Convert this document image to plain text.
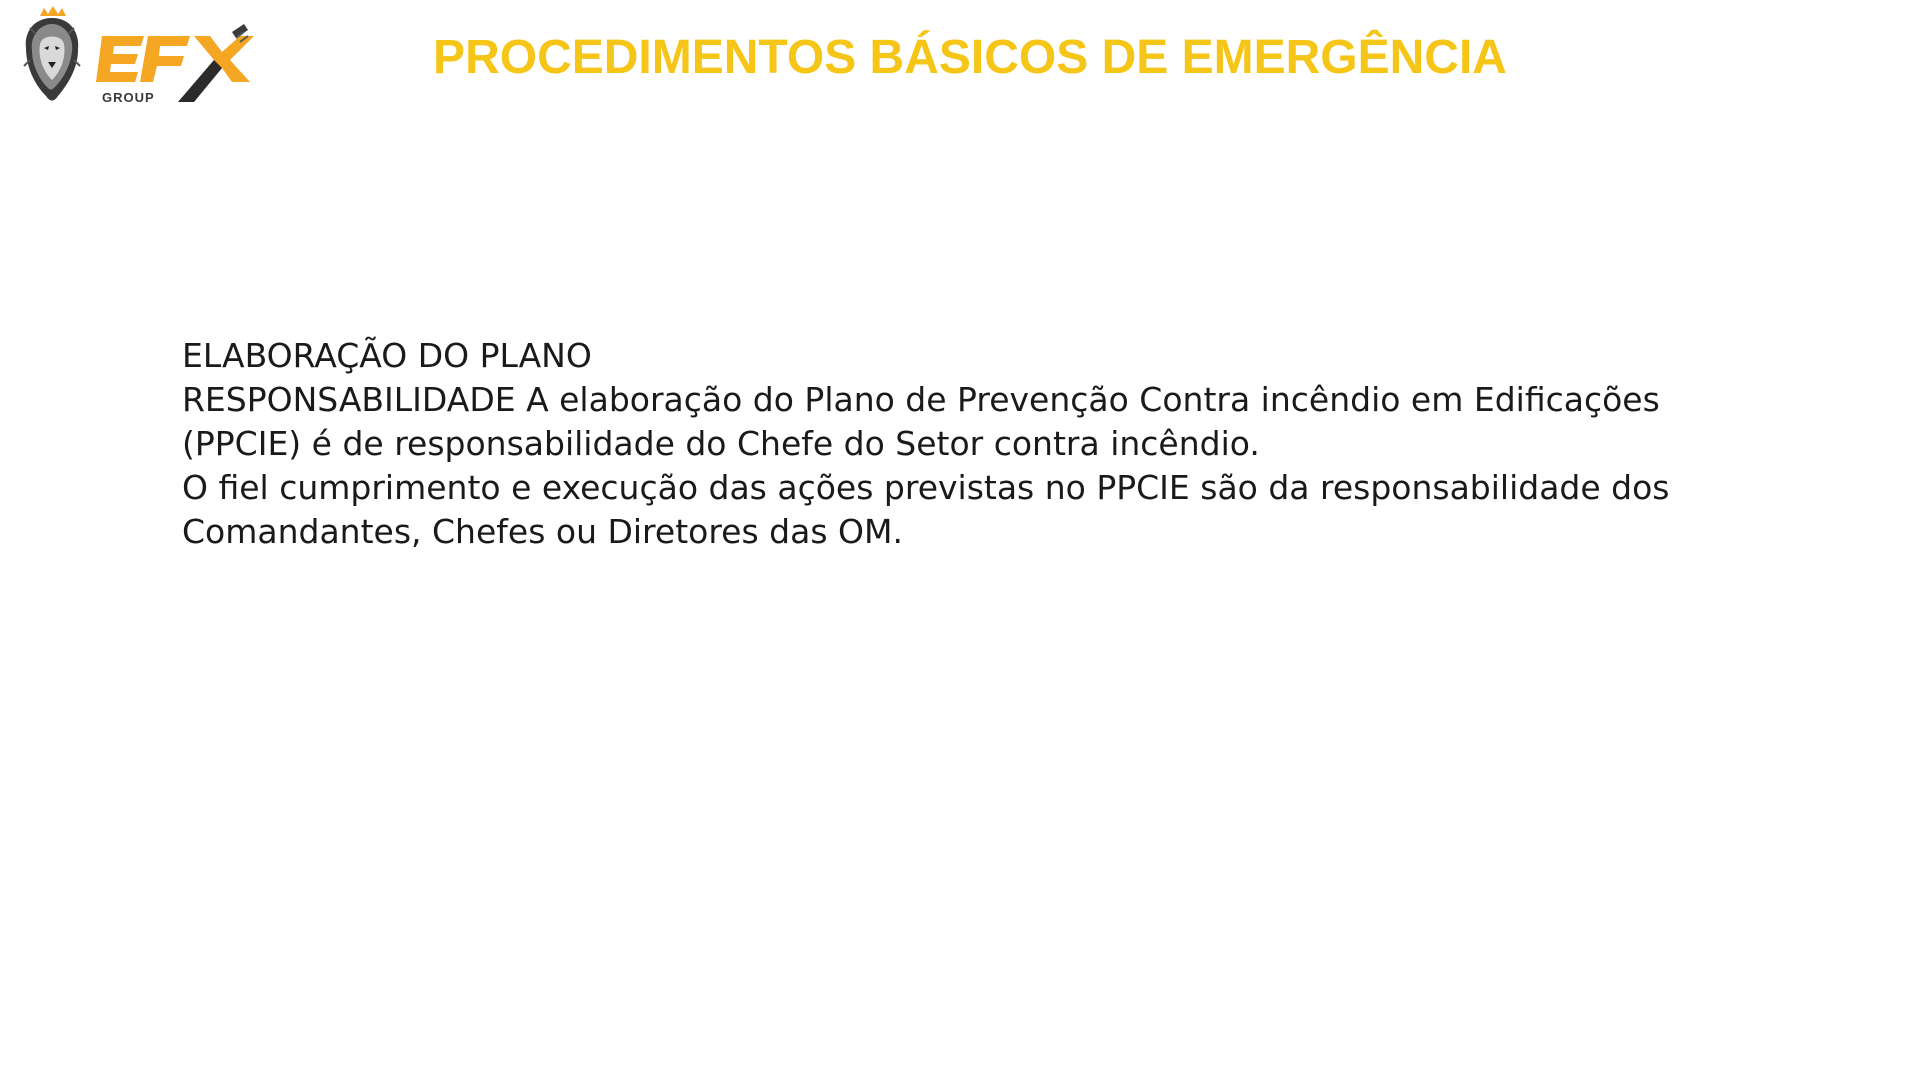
GROUP
PROCEDIMENTOS BÁSICOS DE EMERGÊNCIA

ELABORAÇÃO DO PLANO

RESPONSABILIDADE A elaboração do Plano de Prevenção Contra incêndio em Edificações (PPCIE) é de responsabilidade do Chefe do Setor contra incêndio.

O fiel cumprimento e execução das ações previstas no PPCIE são da responsabilidade dos Comandantes, Chefes ou Diretores das OM.
